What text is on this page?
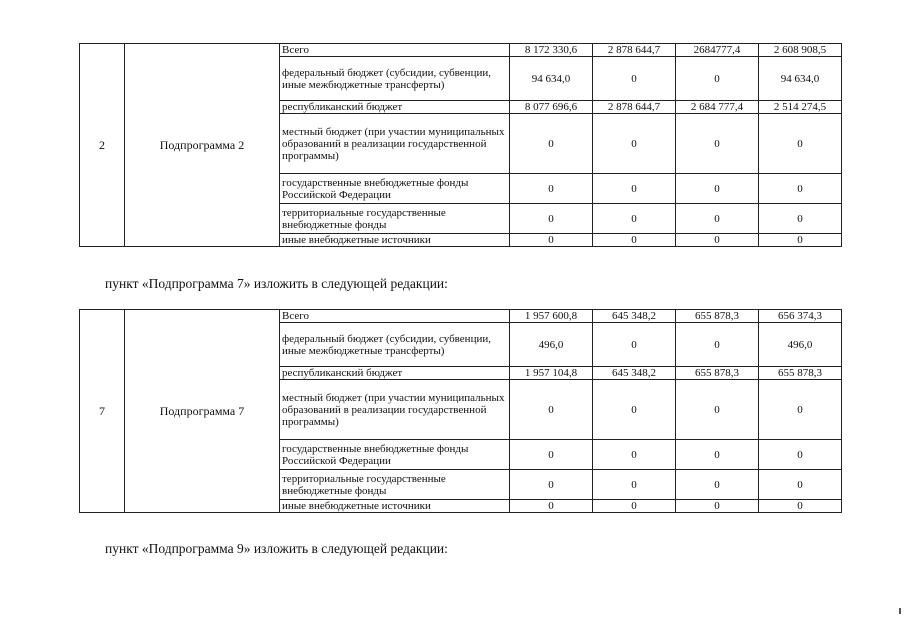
2	Подпрограмма 2	Всего	8 172 330,6	2 878 644,7	2684777,4	2 608 908,5
		федеральный бюджет (субсидии, субвенции, иные межбюджетные трансферты)	94 634,0	0	0	94 634,0
		республиканский бюджет	8 077 696,6	2 878 644,7	2 684 777,4	2 514 274,5
		местный бюджет (при участии муниципальных образований в реализации государственной программы)	0	0	0	0
		государственные внебюджетные фонды Российской Федерации	0	0	0	0
		территориальные государственные внебюджетные фонды	0	0	0	0
		иные внебюджетные источники	0	0	0	0
пункт «Подпрограмма 7» изложить в следующей редакции:
7	Подпрограмма 7	Всего	1 957 600,8	645 348,2	655 878,3	656 374,3
		федеральный бюджет (субсидии, субвенции, иные межбюджетные трансферты)	496,0	0	0	496,0
		республиканский бюджет	1 957 104,8	645 348,2	655 878,3	655 878,3
		местный бюджет (при участии муниципальных образований в реализации государственной программы)	0	0	0	0
		государственные внебюджетные фонды Российской Федерации	0	0	0	0
		территориальные государственные внебюджетные фонды	0	0	0	0
		иные внебюджетные источники	0	0	0	0
пункт «Подпрограмма 9» изложить в следующей редакции:
